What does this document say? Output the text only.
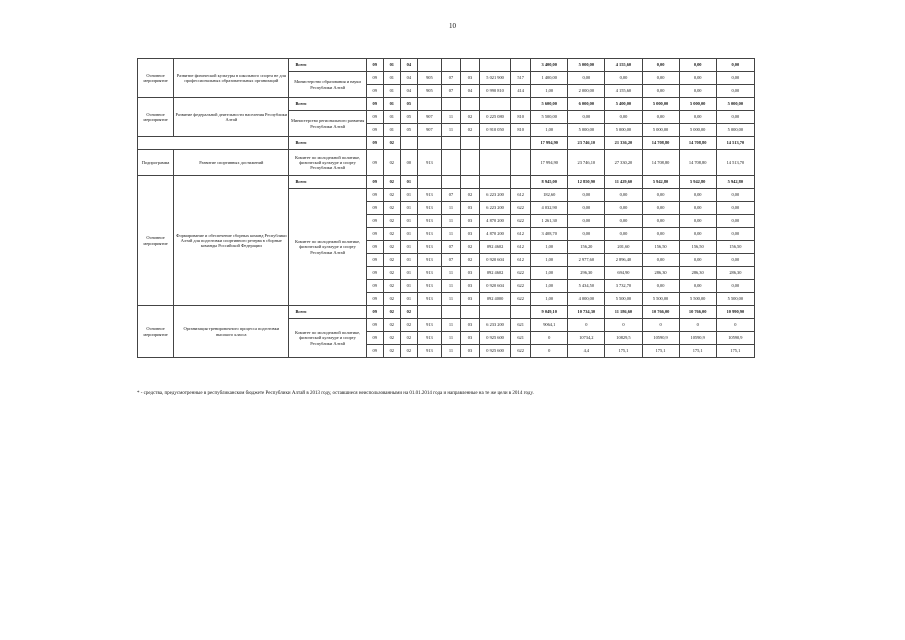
10
Основное мероприятие	Развитие физической культуры в школьного спорта не для профессиональных образовательных организаций	Всего	09	01	04						3 400,00	5 000,00	4 155,60	0,00	0,00	0,00
		Министерство образования и науки Республики Алтай	09	01	04	905	07	03	5 021 900	517	1 400,00	0,00	0,00	0,00	0,00	0,00
			09	01	04	905	07	04	0 990 810	414	1,00	2 000,00	4 155,60	0,00	0,00	0,00
Основное мероприятие	Развитие федеральной деятельности населения Республики Алтай	Всего	09	01	05						5 600,00	6 000,00	5 400,00	5 000,00	5 000,00	5 000,00
		Министерство регионального развития Республики Алтай	09	01	05	907	11	02	0 225 080	810	5 500,00	0,00	0,00	0,00	0,00	0,00
			09	01	05	907	11	02	0 910 050	810	1,00	5 000,00	5 000,00	5 000,00	5 000,00	5 000,00
		Всего	09	02							17 994,90	23 746,10	21 336,20	14 708,80	14 708,80	14 513,70
Подпрограмма	Развитие спортивных достижений	Комитет по молодежной политике, физической культуре и спорту Республики Алтай	09	02	00	913					17 994,90	23 746,10	27 330,20	14 708,80	14 708,80	14 513,70
Основное мероприятие	Формирование и обеспечение сборных команд Республики Алтай для подготовки спортивного резерва в сборные команды Российской Федерации	Всего	09	02	01						8 945,00	12 850,90	11 429,60	5 942,80	5 942,80	5 942,80
		Комитет по молодежной политике, физической культуре и спорту Республики Алтай	09	02	01	913	07	02	6 223 200	612	182,60	0,00	0,00	0,00	0,00	0,00
			09	02	01	913	11	03	6 223 200	622	4 032,90	0,00	0,00	0,00	0,00	0,00
			09	02	01	913	11	03	4 870 200	622	1 261,30	0,00	0,00	0,00	0,00	0,00
			09	02	01	913	11	03	4 870 200	612	3 408,70	0,00	0,00	0,00	0,00	0,00
			09	02	01	913	07	02	092 4602	612	1,00	156,20	201,60	156,50	156,50	156,50
			09	02	01	913	07	02	0 920 604	612	1,00	2 977,60	2 896,40	0,00	0,00	0,00
			09	02	01	913	11	03	092 4602	622	1,00	296,30	694,90	286,30	286,30	286,30
			09	02	01	913	11	03	0 920 604	622	1,00	5 434,50	3 732,70	0,00	0,00	0,00
			09	02	01	913	11	03	092 4000	622	1,00	4 000,00	5 500,00	5 500,00	5 500,00	5 500,00
Основное мероприятие	Организация тренировочного процесса подготовки высокого класса	Всего	09	02	02						9 049,10	10 734,30	11 186,60	10 766,00	10 766,00	10 990,90
		Комитет по молодежной политике, физической культуре и спорту Республики Алтай	09	02	02	913	11	03	6 233 200	621	9064,1	0	0	0	0	0
			09	02	02	913	11	03	0 925 600	621	0	10734,2	10829,5	10590,9	10590,9	10590,9
			09	02	02	913	11	03	0 925 600	622	0	4,4	175,1	175,1	175,1	175,1
* - средства, предусмотренные в республиканском бюджете Республики Алтай в 2013 году, оставшиеся неиспользованными на 01.01.2014 года и направленные на те же цели в 2014 году.
